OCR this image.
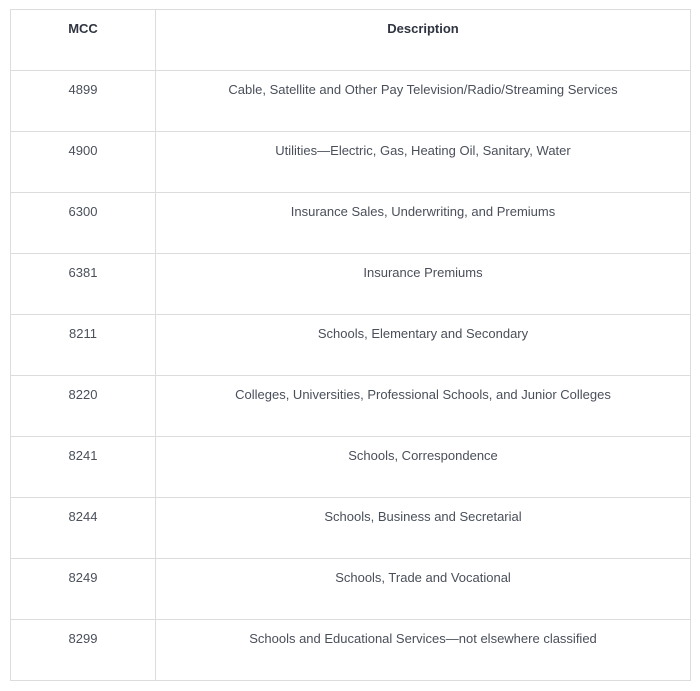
MCC	Description
4899	Cable, Satellite and Other Pay Television/Radio/Streaming Services
4900	Utilities—Electric, Gas, Heating Oil, Sanitary, Water
6300	Insurance Sales, Underwriting, and Premiums
6381	Insurance Premiums
8211	Schools, Elementary and Secondary
8220	Colleges, Universities, Professional Schools, and Junior Colleges
8241	Schools, Correspondence
8244	Schools, Business and Secretarial
8249	Schools, Trade and Vocational
8299	Schools and Educational Services—not elsewhere classified
